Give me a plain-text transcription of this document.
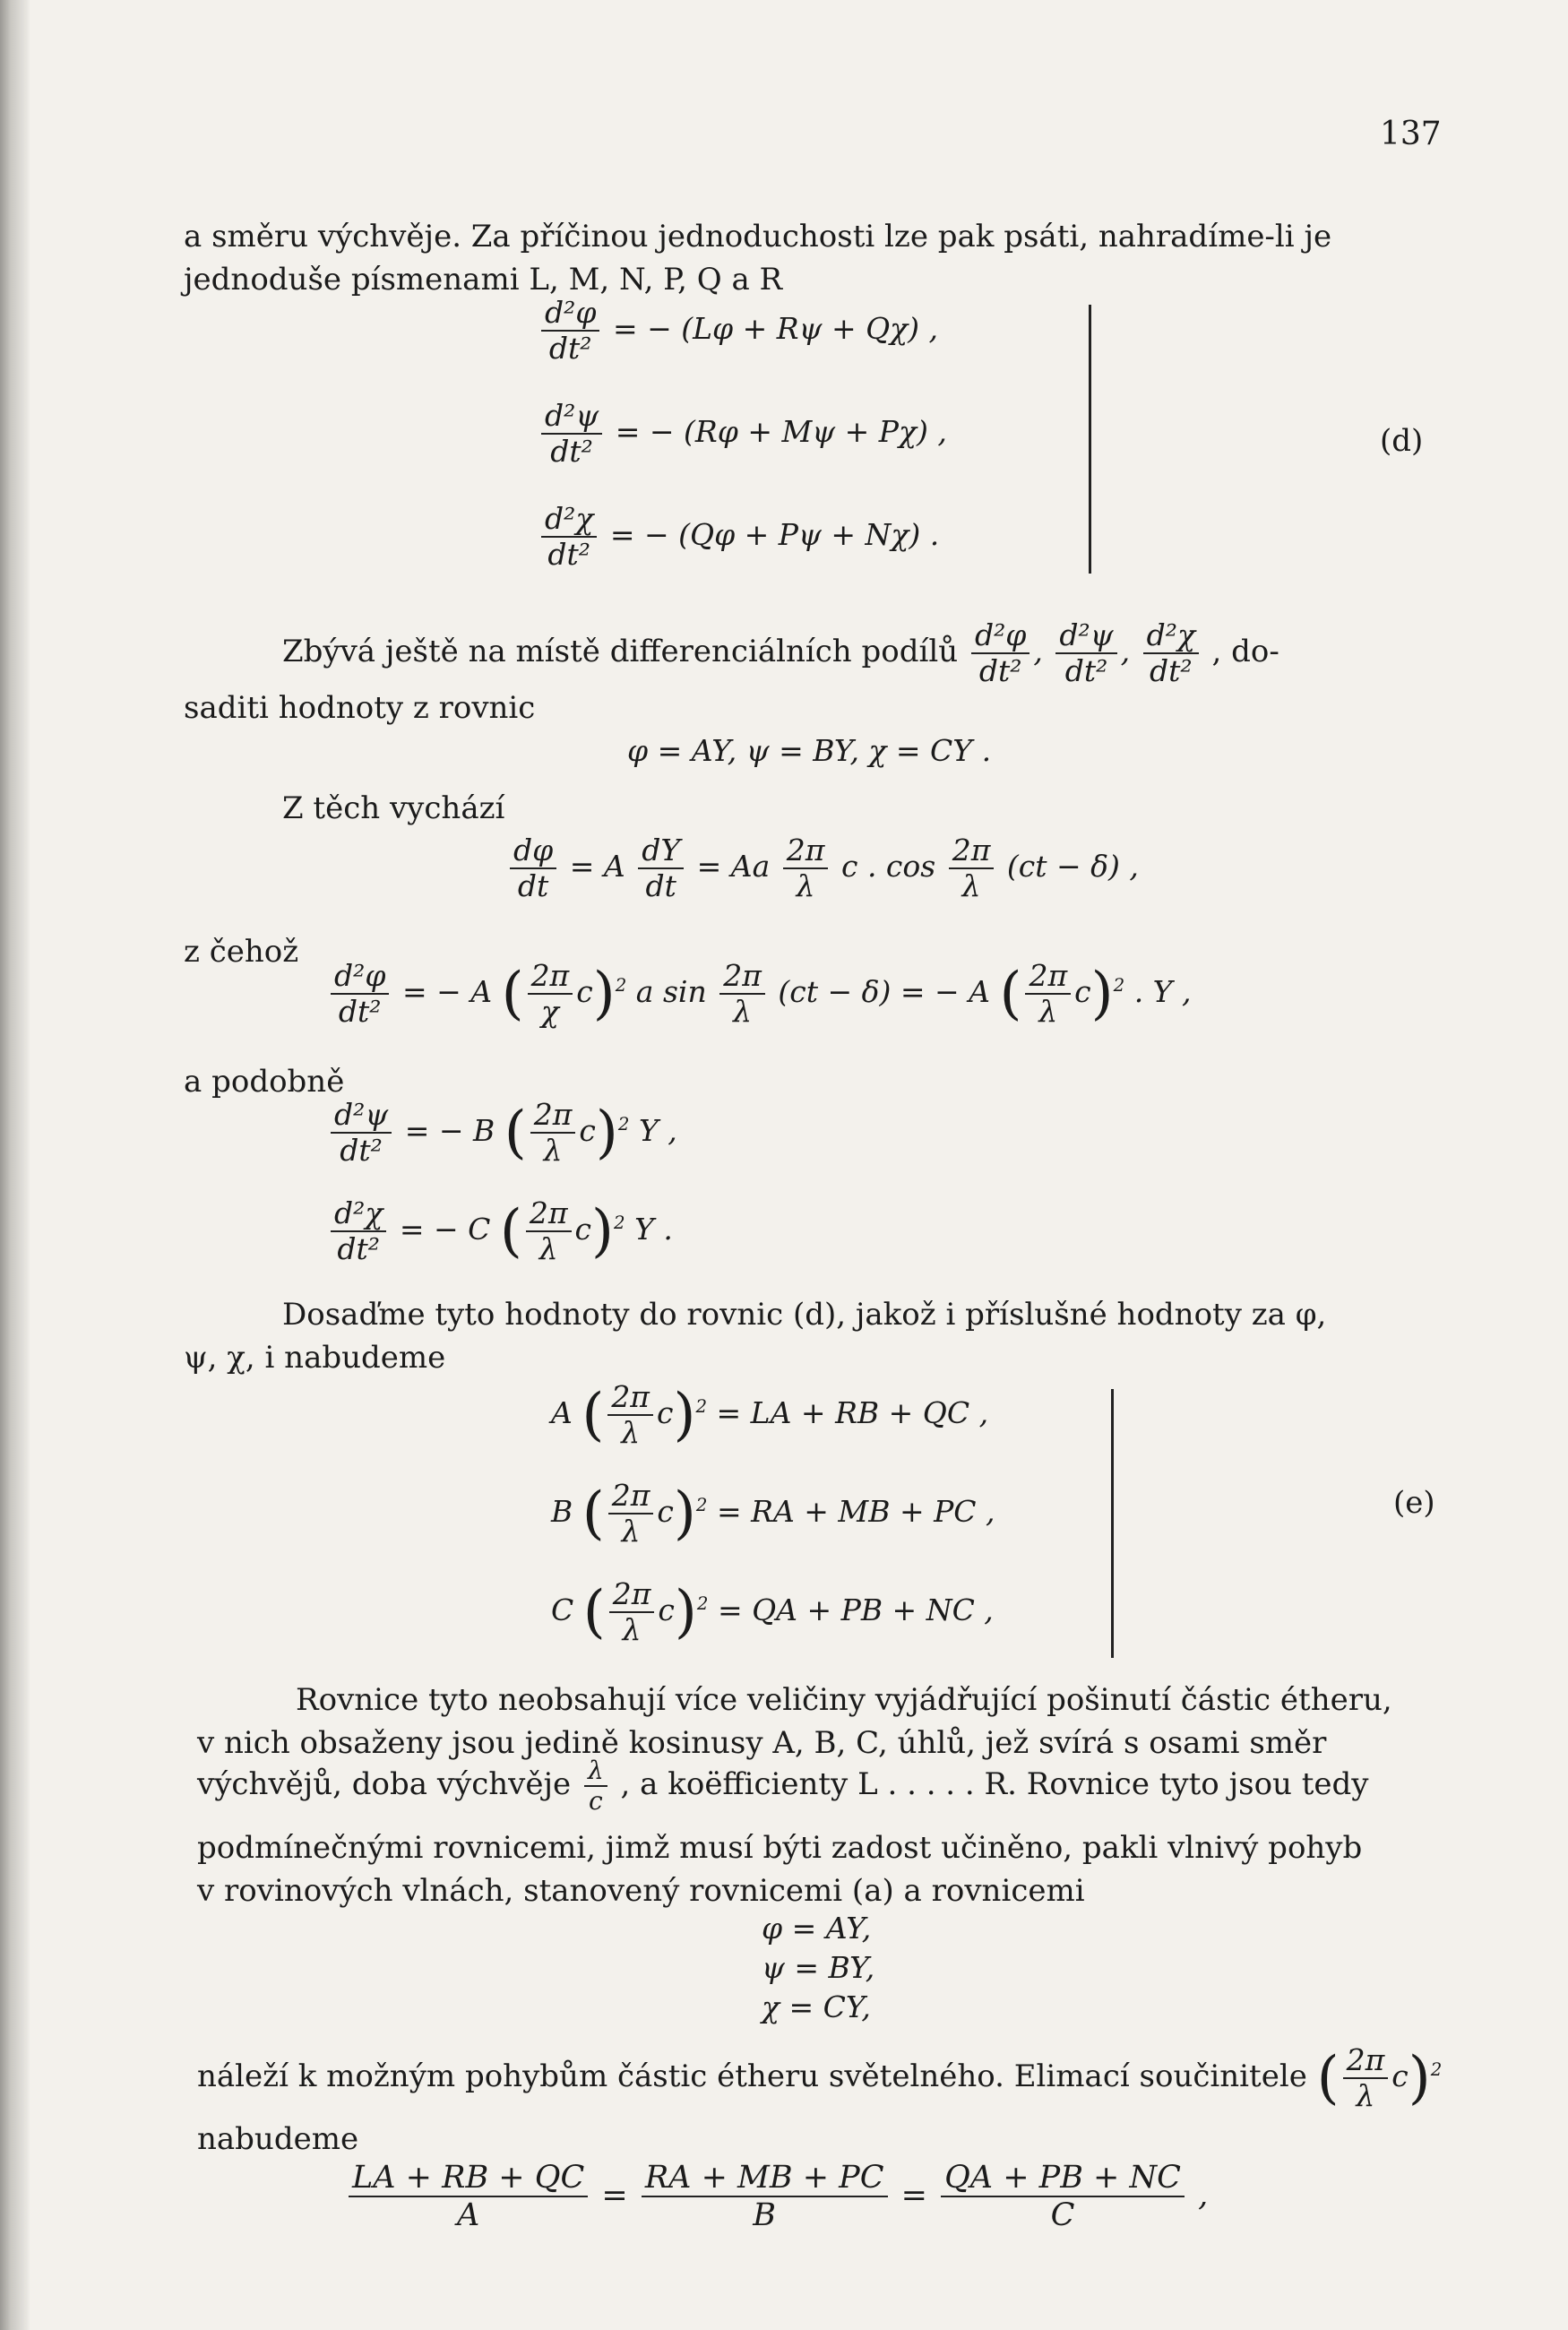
137
a směru výchvěje. Za příčinou jednoduchosti lze pak psáti, nahradíme-li je
jednoduše písmenami L, M, N, P, Q a R
$\frac{\text{d²φ}}{\text{dt²}}$ = − (Lφ + Rψ + Qχ) ,
$\frac{\text{d²ψ}}{\text{dt²}}$ = − (Rφ + Mψ + Pχ) ,
$\frac{\text{d²χ}}{\text{dt²}}$ = − (Qφ + Pψ + Nχ) .
(d)
Zbývá ještě na místě differenciálních podílů $\frac{\text{d²φ}}{\text{dt²}}$ , $\frac{\text{d²ψ}}{\text{dt²}}$ , $\frac{\text{d²χ}}{\text{dt²}}$ , do-
saditi hodnoty z rovnic
φ = AY, ψ = BY, χ = CY .
Z těch vychází
$\frac{d\varphi}{dt} = A \frac{dY}{dt} = Aa \frac{2\pi}{\lambda}$ c . $\cos \frac{2\pi}{\lambda} (ct - \delta)$ ,
z čehož
$\frac{\text{d²φ}}{\text{dt²}}$ = − A ( $\frac{2\pi}{\chi} c)^2$ a $\sin \frac{2\pi}{\lambda} (ct - \delta)$ = − A ( $\frac{2\pi}{\lambda} c)^2$ . Y ,
a podobně
$\frac{\text{d²ψ}}{\text{dt²}}$ = − B ( $\frac{2\pi}{\lambda} c)^2$ Y ,
$\frac{\text{d²χ}}{\text{dt²}}$ = − C ( $\frac{2\pi}{\lambda} c)^2$ Y .
Dosaďme tyto hodnoty do rovnic (d), jakož i příslušné hodnoty za φ,
ψ, χ, i nabudeme
A ( $\frac{2\pi}{\lambda} c)^2$ = LA + RB + QC ,
B ( $\frac{2\pi}{\lambda} c)^2$ = RA + MB + PC ,
C ( $\frac{2\pi}{\lambda} c)^2$ = QA + PB + NC ,
(e)
Rovnice tyto neobsahují více veličiny vyjádřující pošinutí částic étheru,
v nich obsaženy jsou jedině kosinusy A, B, C, úhlů, jež svírá s osami směr
výchvějů, doba výchvěje $\frac{\lambda}{c}$ , a koëfficienty L . . . . . R. Rovnice tyto jsou tedy
podmínečnými rovnicemi, jimž musí býti zadost učiněno, pakli vlnivý pohyb
v rovinových vlnách, stanovený rovnicemi (a) a rovnicemi
φ = AY,
ψ = BY,
χ = CY,
náleží k možným pohybům částic étheru světelného. Elimací součinitele ( $\frac{2\pi}{\lambda} c)^2$
nabudeme
$\frac{LA + RB + QC}{A} = \frac{RA + MB + PC}{B} = \frac{QA + PB + NC}{C}$ ,
